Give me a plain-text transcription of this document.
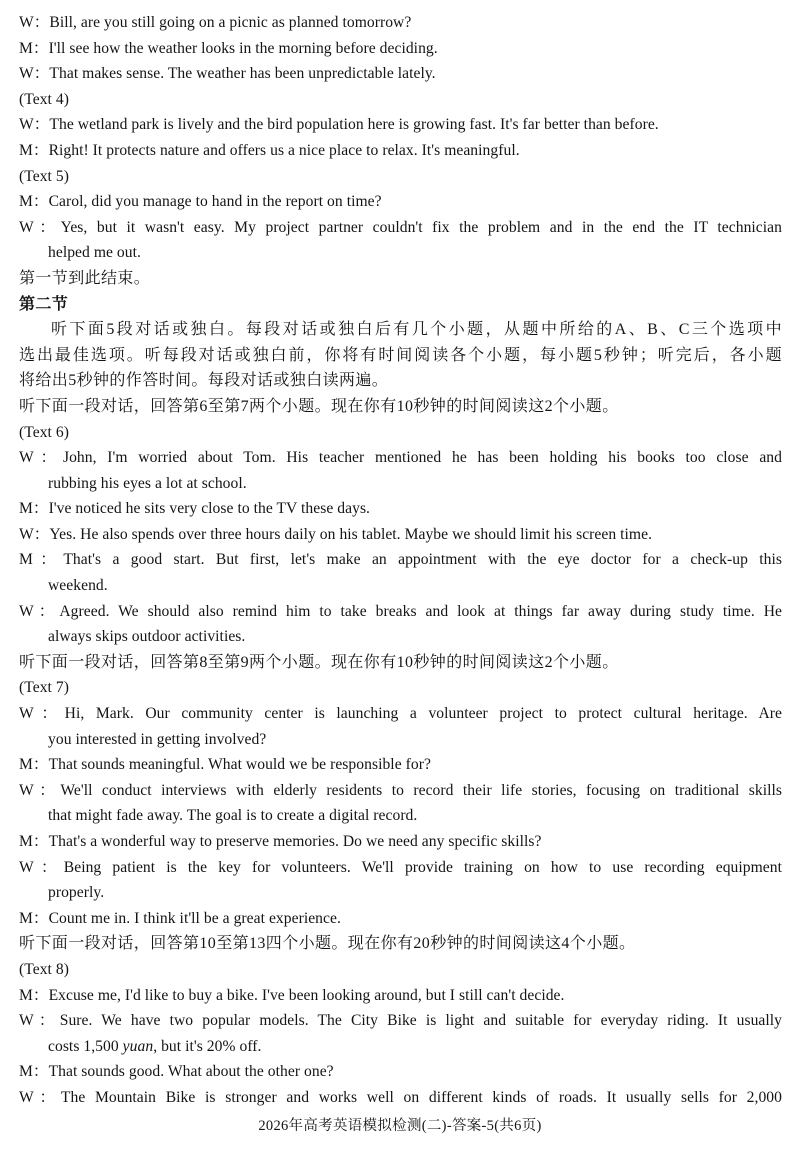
W：Bill, are you still going on a picnic as planned tomorrow?
M：I'll see how the weather looks in the morning before deciding.
W：That makes sense. The weather has been unpredictable lately.
(Text 4)
W：The wetland park is lively and the bird population here is growing fast. It's far better than before.
M：Right! It protects nature and offers us a nice place to relax. It's meaningful.
(Text 5)
M：Carol, did you manage to hand in the report on time?
W：Yes, but it wasn't easy. My project partner couldn't fix the problem and in the end the IT technician
helped me out.
第一节到此结束。
第二节
听下面5段对话或独白。每段对话或独白后有几个小题，从题中所给的A、B、C三个选项中
选出最佳选项。听每段对话或独白前，你将有时间阅读各个小题，每小题5秒钟；听完后，各小题
将给出5秒钟的作答时间。每段对话或独白读两遍。
听下面一段对话，回答第6至第7两个小题。现在你有10秒钟的时间阅读这2个小题。
(Text 6)
W：John, I'm worried about Tom. His teacher mentioned he has been holding his books too close and
rubbing his eyes a lot at school.
M：I've noticed he sits very close to the TV these days.
W：Yes. He also spends over three hours daily on his tablet. Maybe we should limit his screen time.
M：That's a good start. But first, let's make an appointment with the eye doctor for a check-up this
weekend.
W：Agreed. We should also remind him to take breaks and look at things far away during study time. He
always skips outdoor activities.
听下面一段对话，回答第8至第9两个小题。现在你有10秒钟的时间阅读这2个小题。
(Text 7)
W：Hi, Mark. Our community center is launching a volunteer project to protect cultural heritage. Are
you interested in getting involved?
M：That sounds meaningful. What would we be responsible for?
W：We'll conduct interviews with elderly residents to record their life stories, focusing on traditional skills
that might fade away. The goal is to create a digital record.
M：That's a wonderful way to preserve memories. Do we need any specific skills?
W：Being patient is the key for volunteers. We'll provide training on how to use recording equipment
properly.
M：Count me in. I think it'll be a great experience.
听下面一段对话，回答第10至第13四个小题。现在你有20秒钟的时间阅读这4个小题。
(Text 8)
M：Excuse me, I'd like to buy a bike. I've been looking around, but I still can't decide.
W：Sure. We have two popular models. The City Bike is light and suitable for everyday riding. It usually
costs 1,500 yuan, but it's 20% off.
M：That sounds good. What about the other one?
W：The Mountain Bike is stronger and works well on different kinds of roads. It usually sells for 2,000
2026年高考英语模拟检测(二)-答案-5(共6页)
